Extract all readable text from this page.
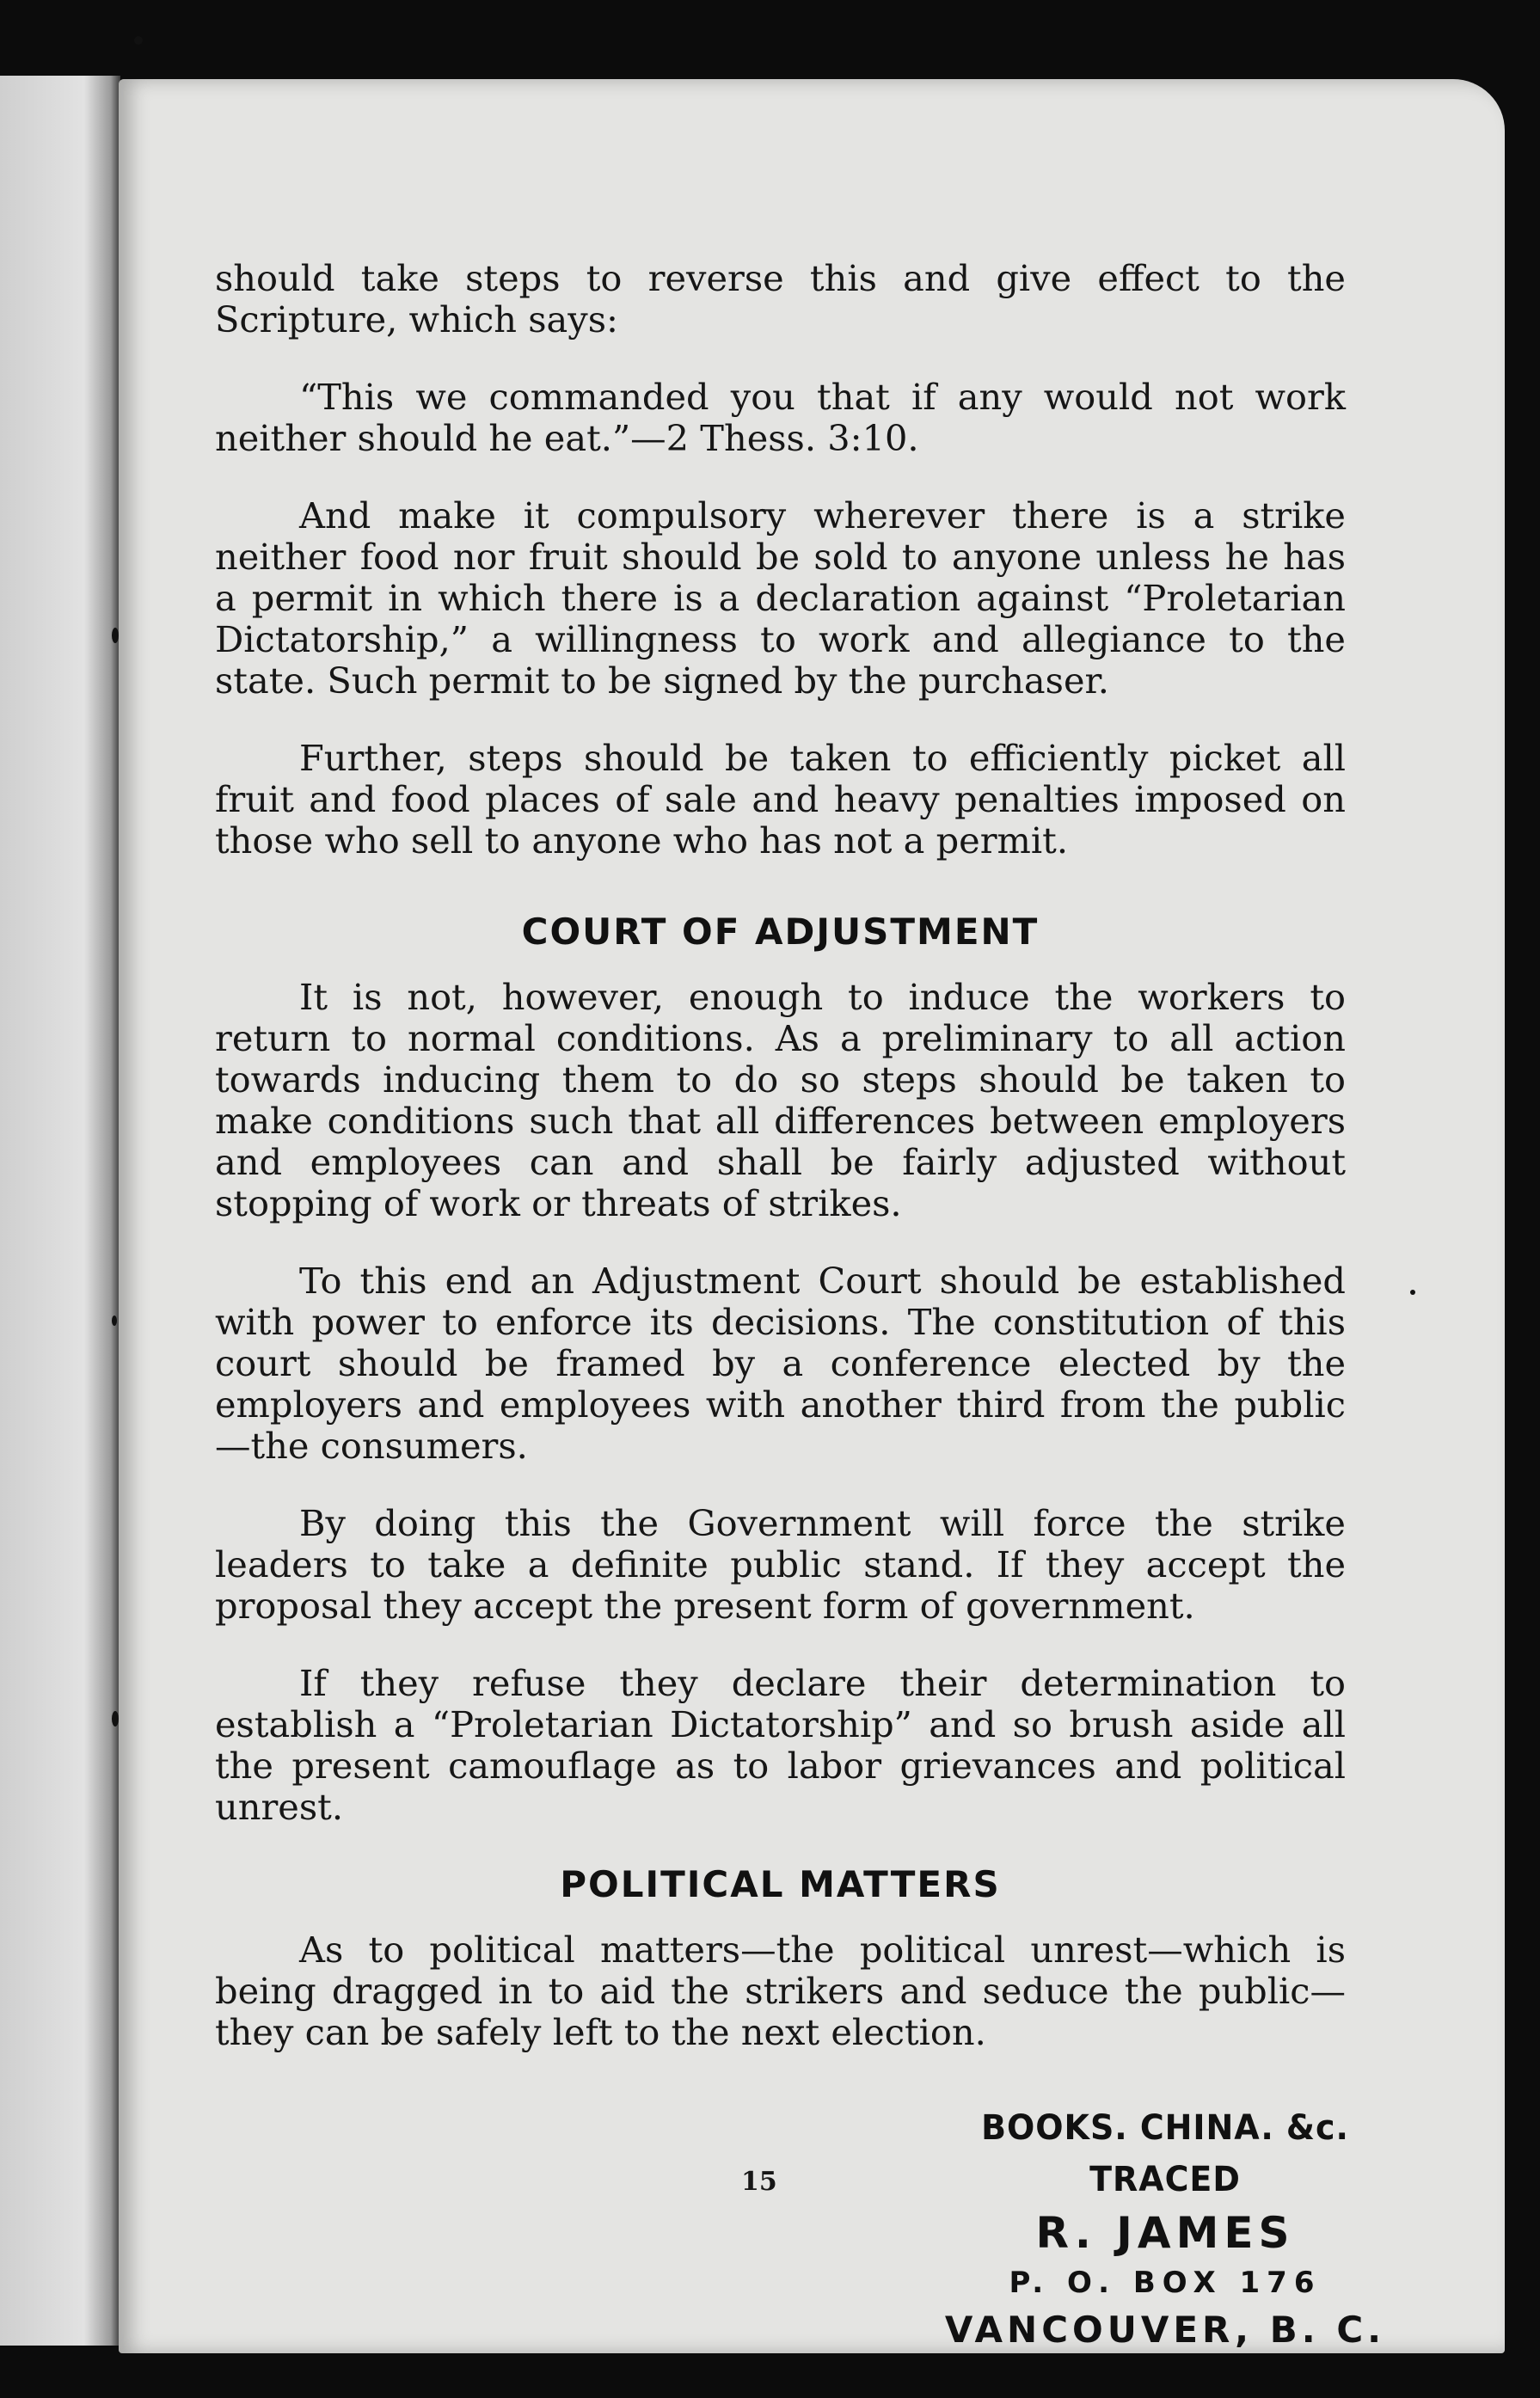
should take steps to reverse this and give effect to the Scripture, which says:

“This we commanded you that if any would not work neither should he eat.”—2 Thess. 3:10.

And make it compulsory wherever there is a strike neither food nor fruit should be sold to anyone unless he has a permit in which there is a declaration against “Proletarian Dictatorship,” a willingness to work and allegiance to the state. Such permit to be signed by the purchaser.

Further, steps should be taken to efficiently picket all fruit and food places of sale and heavy penalties imposed on those who sell to anyone who has not a permit.

COURT OF ADJUSTMENT

It is not, however, enough to induce the workers to return to normal conditions. As a preliminary to all action towards inducing them to do so steps should be taken to make conditions such that all differences between employers and employees can and shall be fairly adjusted without stopping of work or threats of strikes.

To this end an Adjustment Court should be established with power to enforce its decisions. The constitution of this court should be framed by a conference elected by the employers and employees with another third from the public—the consumers.

By doing this the Government will force the strike leaders to take a definite public stand. If they accept the proposal they accept the present form of government.

If they refuse they declare their determination to establish a “Proletarian Dictatorship” and so brush aside all the present camouflage as to labor grievances and political unrest.

POLITICAL MATTERS

As to political matters—the political unrest—which is being dragged in to aid the strikers and seduce the public—they can be safely left to the next election.

15
BOOKS. CHINA. &c. TRACED
R. JAMES
P. O. BOX 176
VANCOUVER, B. C.
